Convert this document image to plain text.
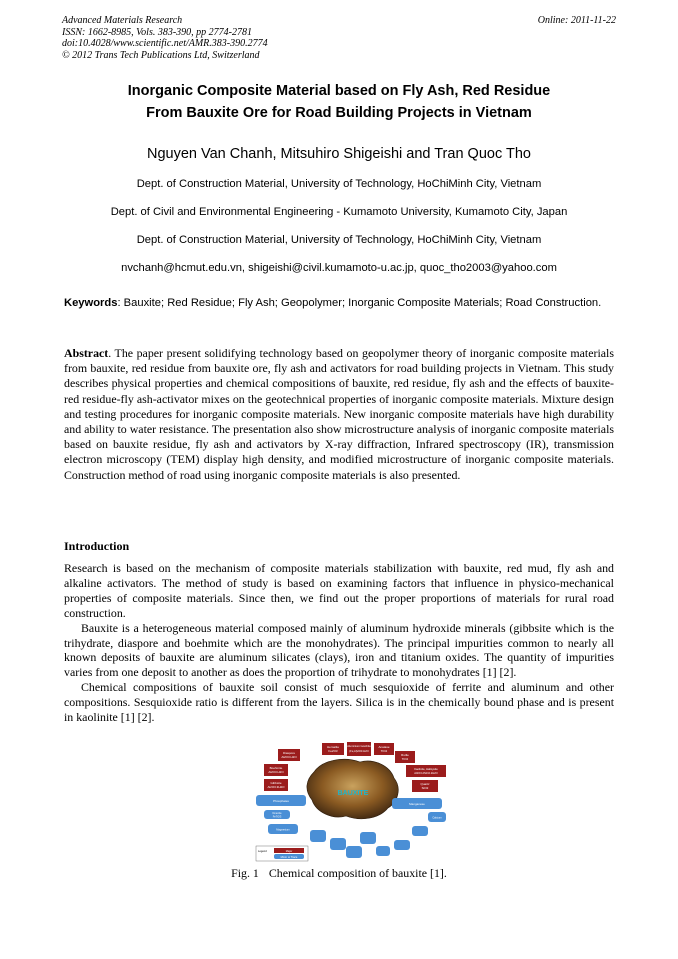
Advanced Materials Research
ISSN: 1662-8985, Vols. 383-390, pp 2774-2781
doi:10.4028/www.scientific.net/AMR.383-390.2774
© 2012 Trans Tech Publications Ltd, Switzerland
Online: 2011-11-22
Inorganic Composite Material based on Fly Ash, Red Residue
From Bauxite Ore for Road Building Projects in Vietnam
Nguyen Van Chanh, Mitsuhiro Shigeishi and Tran Quoc Tho
Dept. of Construction Material, University of Technology, HoChiMinh City, Vietnam
Dept. of Civil and Environmental Engineering - Kumamoto University, Kumamoto City, Japan
Dept. of Construction Material, University of Technology, HoChiMinh City, Vietnam
nvchanh@hcmut.edu.vn, shigeishi@civil.kumamoto-u.ac.jp, quoc_tho2003@yahoo.com
Keywords: Bauxite; Red Residue; Fly Ash; Geopolymer; Inorganic Composite Materials; Road Construction.
Abstract. The paper present solidifying technology based on geopolymer theory of inorganic composite materials from bauxite, red residue from bauxite ore, fly ash and activators for road building projects in Vietnam. This study describes physical properties and chemical compositions of bauxite, red residue, fly ash and the effects of bauxite-red residue-fly ash-activator mixes on the geotechnical properties of inorganic composite materials. Mixture design and testing procedures for inorganic composite materials. New inorganic composite materials have high durability and ability to water resistance. The presentation also show microstructure analysis of inorganic composite materials based on bauxite residue, fly ash and activators by X-ray diffraction, Infrared spectroscopy (IR), transmission electron microscopy (TEM) display high density, and modified microstructure of inorganic composite materials. Construction method of road using inorganic composite materials is also presented.
Introduction

Research is based on the mechanism of composite materials stabilization with bauxite, red mud, fly ash and alkaline activators. The method of study is based on examining factors that influence in physico-mechanical properties of composite materials. Since then, we find out the proper proportions of materials for rural road construction.

Bauxite is a heterogeneous material composed mainly of aluminum hydroxide minerals (gibbsite which is the trihydrate, diaspore and boehmite which are the monohydrates). The principal impurities common to nearly all known deposits of bauxite are aluminum silicates (clays), iron and titanium oxides. The quantity of impurities varies from one deposit to another as does the proportion of trihydrate to monohydrates [1] [2].

Chemical compositions of bauxite soil consist of much sesquioxide of ferrite and aluminum and other compositions. Sesquioxide ratio is different from the layers. Silica is in the chemically bound phase and is present in kaolinite [1] [2].

BAUXITE
Hematite
Fe2O3
Aluminium Goethite
(Fe,Al)2O3.H2O
Anatase
TiO2
Diaspore
Al2O3.H2O	Rutile
TiO2
Boehmite
Al2O3.H2O
Kaolinite, Halloysite
Al2O3.2SiO2.2H2O
Gibbsite
Al2O3.3H2O
Quartz
SiO2
Phosphates
Manganese
Ilmenite
FeTiO3	Calcium
Magnesium
Legend	Major
Minor or Trace
Fig. 1 Chemical composition of bauxite [1].
